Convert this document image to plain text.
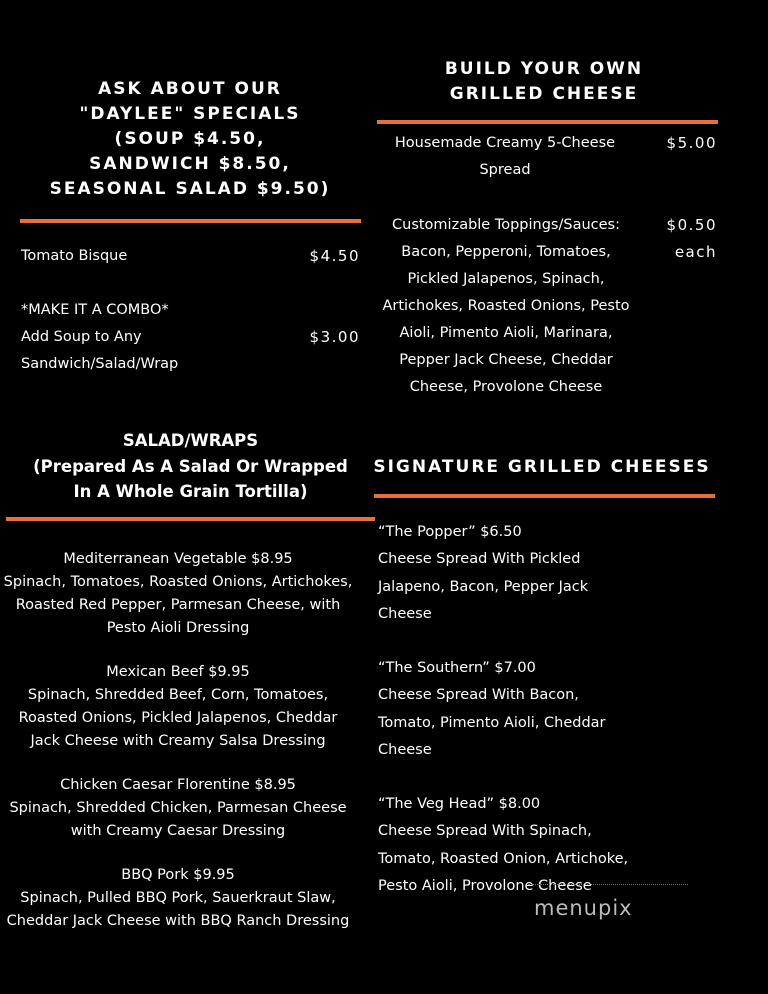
ASK ABOUT OUR
"DAYLEE" SPECIALS
(SOUP $4.50,
SANDWICH $8.50,
SEASONAL SALAD $9.50)
Tomato Bisque	$4.50
*MAKE IT A COMBO*
Add Soup to Any
Sandwich/Salad/Wrap
$3.00
BUILD YOUR OWN
GRILLED CHEESE
Housemade Creamy 5-Cheese
Spread
$5.00
Customizable Toppings/Sauces:
Bacon, Pepperoni, Tomatoes,
Pickled Jalapenos, Spinach,
Artichokes, Roasted Onions, Pesto
Aioli, Pimento Aioli, Marinara,
Pepper Jack Cheese, Cheddar
Cheese, Provolone Cheese
$0.50
each
SALAD/WRAPS
(Prepared As A Salad Or Wrapped
In A Whole Grain Tortilla)
Mediterranean Vegetable $8.95
Spinach, Tomatoes, Roasted Onions, Artichokes,
Roasted Red Pepper, Parmesan Cheese, with
Pesto Aioli Dressing
Mexican Beef $9.95
Spinach, Shredded Beef, Corn, Tomatoes,
Roasted Onions, Pickled Jalapenos, Cheddar
Jack Cheese with Creamy Salsa Dressing
Chicken Caesar Florentine $8.95
Spinach, Shredded Chicken, Parmesan Cheese
with Creamy Caesar Dressing
BBQ Pork $9.95
Spinach, Pulled BBQ Pork, Sauerkraut Slaw,
Cheddar Jack Cheese with BBQ Ranch Dressing
SIGNATURE GRILLED CHEESES
“The Popper” $6.50
Cheese Spread With Pickled
Jalapeno, Bacon, Pepper Jack
Cheese
“The Southern” $7.00
Cheese Spread With Bacon,
Tomato, Pimento Aioli, Cheddar
Cheese
“The Veg Head” $8.00
Cheese Spread With Spinach,
Tomato, Roasted Onion, Artichoke,
Pesto Aioli, Provolone Cheese
menupix
